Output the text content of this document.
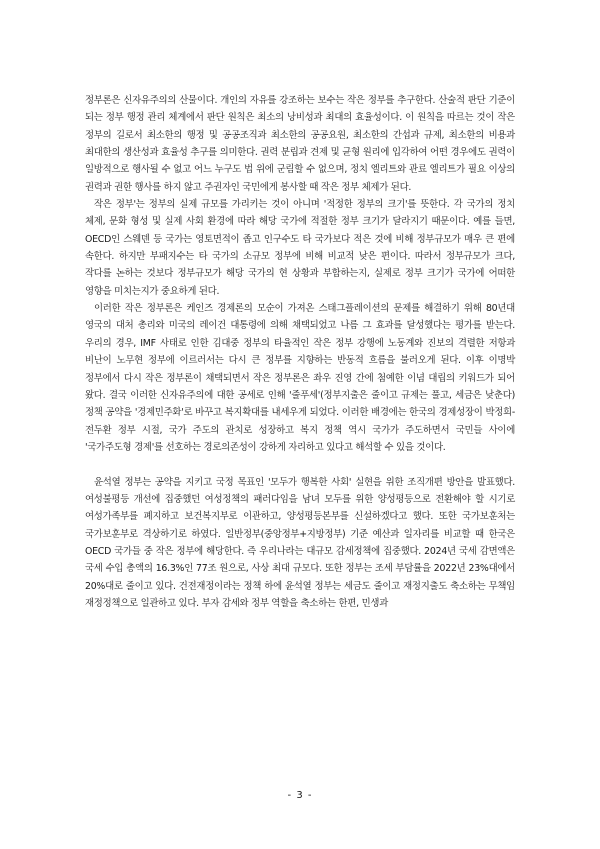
정부론은 신자유주의의 산물이다. 개인의 자유를 강조하는 보수는 작은 정부를 추구한다. 산술적 판단 기준이 되는 정부 행정 관리 체계에서 판단 원칙은 최소의 낭비성과 최대의 효율성이다. 이 원칙을 따르는 것이 작은 정부의 길로서 최소한의 행정 및 공공조직과 최소한의 공공요원, 최소한의 간섭과 규제, 최소한의 비용과 최대한의 생산성과 효율성 추구를 의미한다. 권력 분립과 견제 및 균형 원리에 입각하여 어떤 경우에도 권력이 일방적으로 행사될 수 없고 어느 누구도 법 위에 군림할 수 없으며, 정치 엘리트와 관료 엘리트가 필요 이상의 권력과 권한 행사를 하지 않고 주권자인 국민에게 봉사할 때 작은 정부 체제가 된다.

작은 정부'는 정부의 실제 규모를 가리키는 것이 아니며 '적정한 정부의 크기'를 뜻한다. 각 국가의 정치 체제, 문화 형성 및 실제 사회 환경에 따라 해당 국가에 적절한 정부 크기가 달라지기 때문이다. 예를 들면, OECD인 스웨덴 등 국가는 영토면적이 좁고 인구수도 타 국가보다 적은 것에 비해 정부규모가 매우 큰 편에 속한다. 하지만 부패지수는 타 국가의 소규모 정부에 비해 비교적 낮은 편이다. 따라서 정부규모가 크다, 작다를 논하는 것보다 정부규모가 해당 국가의 현 상황과 부합하는지, 실제로 정부 크기가 국가에 어떠한 영향을 미치는지가 중요하게 된다.

이러한 작은 정부론은 케인즈 경제론의 모순이 가져온 스태그플레이션의 문제를 해결하기 위해 80년대 영국의 대처 총리와 미국의 레이건 대통령에 의해 채택되었고 나름 그 효과를 달성했다는 평가를 받는다. 우리의 경우, IMF 사태로 인한 김대중 정부의 타율적인 작은 정부 강행에 노동계와 진보의 격렬한 저항과 비난이 노무현 정부에 이르러서는 다시 큰 정부를 지향하는 반동적 흐름을 불러오게 된다. 이후 이명박 정부에서 다시 작은 정부론이 채택되면서 작은 정부론은 좌우 진영 간에 첨예한 이념 대립의 키워드가 되어 왔다. 결국 이러한 신자유주의에 대한 공세로 인해 '줄푸세'(정부지출은 줄이고 규제는 풀고, 세금은 낮춘다) 정책 공약을 '경제민주화'로 바꾸고 복지확대를 내세우게 되었다. 이러한 배경에는 한국의 경제성장이 박정희-전두환 정부 시절, 국가 주도의 관치로 성장하고 복지 정책 역시 국가가 주도하면서 국민들 사이에 '국가주도형 경제'를 선호하는 경로의존성이 강하게 자리하고 있다고 해석할 수 있을 것이다.

윤석열 정부는 공약을 지키고 국정 목표인 '모두가 행복한 사회' 실현을 위한 조직개편 방안을 발표했다. 여성불평등 개선에 집중했던 여성정책의 패러다임을 남녀 모두를 위한 양성평등으로 전환해야 할 시기로 여성가족부를 폐지하고 보건복지부로 이관하고, 양성평등본부를 신설하겠다고 했다. 또한 국가보훈처는 국가보훈부로 격상하기로 하였다. 일반정부(중앙정부+지방정부) 기준 예산과 일자리를 비교할 때 한국은 OECD 국가들 중 작은 정부에 해당한다. 즉 우리나라는 대규모 감세정책에 집중했다. 2024년 국세 감면액은 국세 수입 총액의 16.3%인 77조 원으로, 사상 최대 규모다. 또한 정부는 조세 부담률을 2022년 23%대에서 20%대로 줄이고 있다. 건전재정이라는 정책 하에 윤석열 정부는 세금도 줄이고 재정지출도 축소하는 무책임 재정정책으로 일관하고 있다. 부자 감세와 정부 역할을 축소하는 한편, 민생과

- 3 -
